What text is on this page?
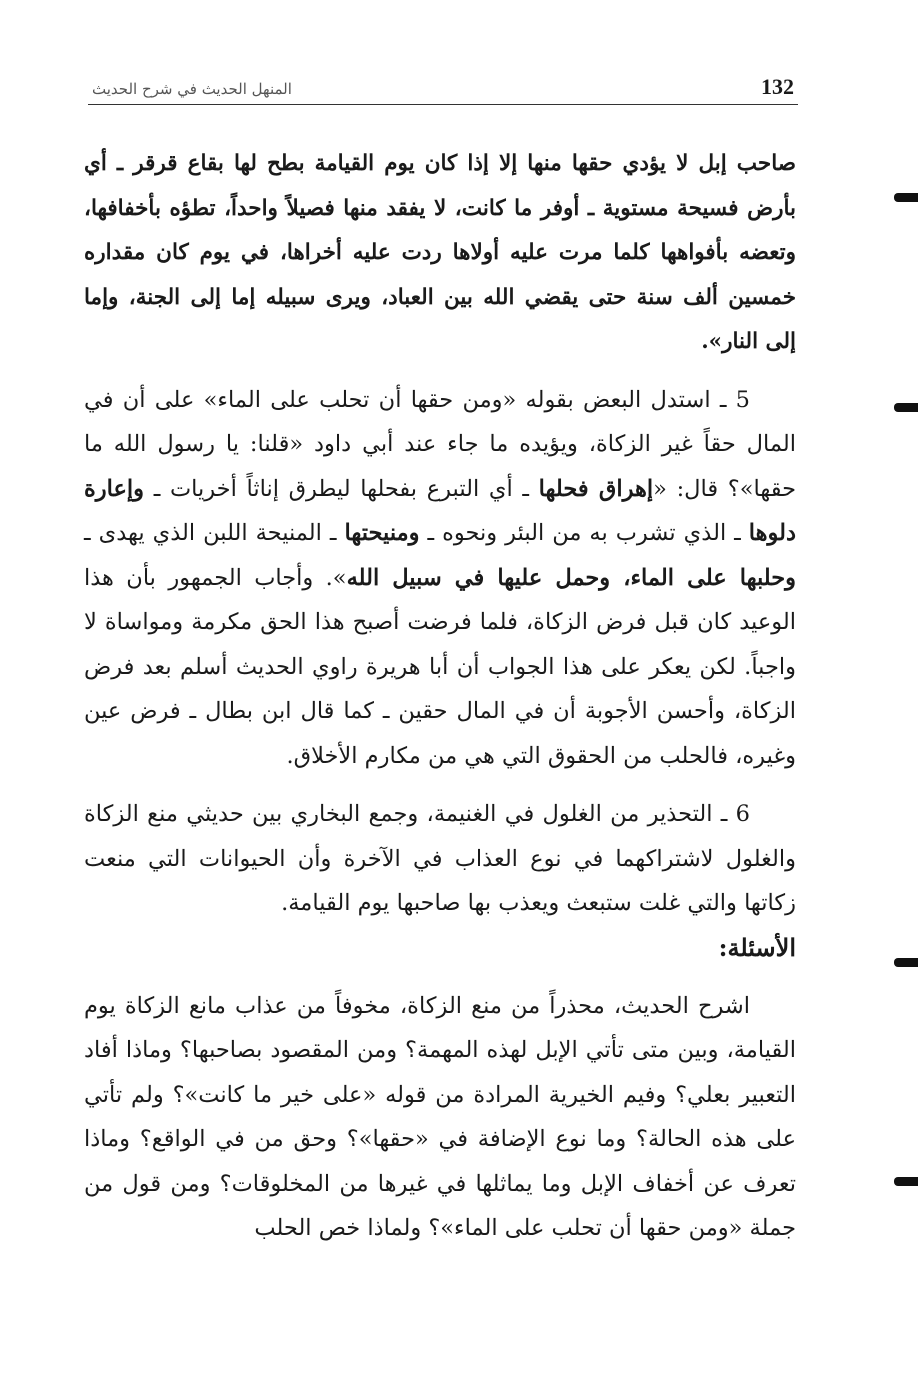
132
المنهل الحديث في شرح الحديث

صاحب إبل لا يؤدي حقها منها إلا إذا كان يوم القيامة بطح لها بقاع قرقر ـ أي بأرض فسيحة مستوية ـ أوفر ما كانت، لا يفقد منها فصيلاً واحداً، تطؤه بأخفافها، وتعضه بأفواهها كلما مرت عليه أولاها ردت عليه أخراها، في يوم كان مقداره خمسين ألف سنة حتى يقضي الله بين العباد، ويرى سبيله إما إلى الجنة، وإما إلى النار».

5 ـ استدل البعض بقوله «ومن حقها أن تحلب على الماء» على أن في المال حقاً غير الزكاة، ويؤيده ما جاء عند أبي داود «قلنا: يا رسول الله ما حقها»؟ قال: «إهراق فحلها ـ أي التبرع بفحلها ليطرق إناثاً أخريات ـ وإعارة دلوها ـ الذي تشرب به من البئر ونحوه ـ ومنيحتها ـ المنيحة اللبن الذي يهدى ـ وحلبها على الماء، وحمل عليها في سبيل الله». وأجاب الجمهور بأن هذا الوعيد كان قبل فرض الزكاة، فلما فرضت أصبح هذا الحق مكرمة ومواساة لا واجباً. لكن يعكر على هذا الجواب أن أبا هريرة راوي الحديث أسلم بعد فرض الزكاة، وأحسن الأجوبة أن في المال حقين ـ كما قال ابن بطال ـ فرض عين وغيره، فالحلب من الحقوق التي هي من مكارم الأخلاق.

6 ـ التحذير من الغلول في الغنيمة، وجمع البخاري بين حديثي منع الزكاة والغلول لاشتراكهما في نوع العذاب في الآخرة وأن الحيوانات التي منعت زكاتها والتي غلت ستبعث ويعذب بها صاحبها يوم القيامة.

الأسئلة:

اشرح الحديث، محذراً من منع الزكاة، مخوفاً من عذاب مانع الزكاة يوم القيامة، وبين متى تأتي الإبل لهذه المهمة؟ ومن المقصود بصاحبها؟ وماذا أفاد التعبير بعلي؟ وفيم الخيرية المرادة من قوله «على خير ما كانت»؟ ولم تأتي على هذه الحالة؟ وما نوع الإضافة في «حقها»؟ وحق من في الواقع؟ وماذا تعرف عن أخفاف الإبل وما يماثلها في غيرها من المخلوقات؟ ومن قول من جملة «ومن حقها أن تحلب على الماء»؟ ولماذا خص الحلب
